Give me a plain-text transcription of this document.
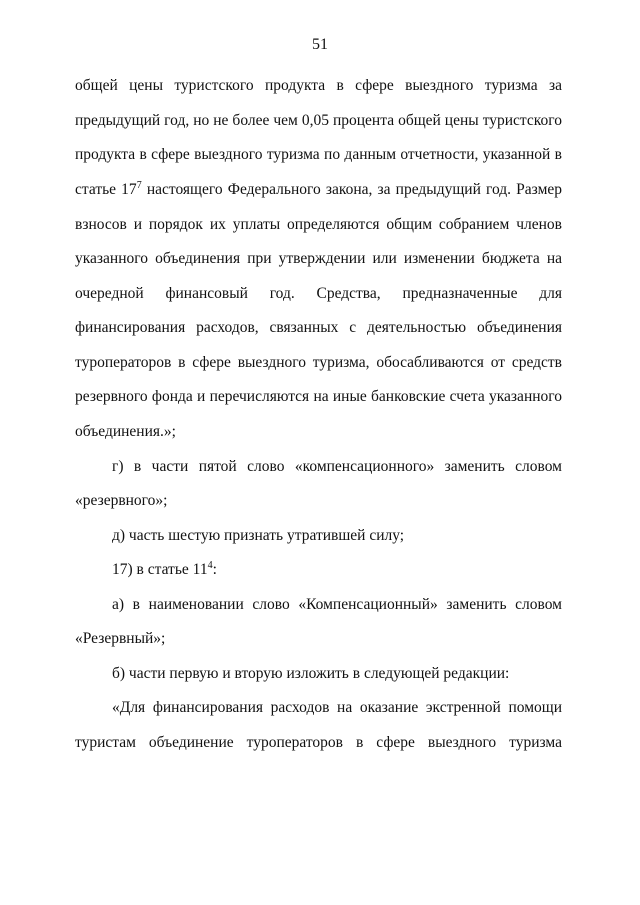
51
общей цены туристского продукта в сфере выездного туризма за
предыдущий год, но не более чем 0,05 процента общей цены туристского
продукта в сфере выездного туризма по данным отчетности, указанной в
статье $17^7$ настоящего Федерального закона, за предыдущий год. Размер
взносов и порядок их уплаты определяются общим собранием членов
указанного объединения при утверждении или изменении бюджета на
очередной финансовый год. Средства, предназначенные для
финансирования расходов, связанных с деятельностью объединения
туроператоров в сфере выездного туризма, обосабливаются от средств
резервного фонда и перечисляются на иные банковские счета указанного
объединения.»;
г) в части пятой слово «компенсационного» заменить словом
«резервного»;
д) часть шестую признать утратившей силу;
17) в статье $11^4$:
а) в наименовании слово «Компенсационный» заменить словом
«Резервный»;
б) части первую и вторую изложить в следующей редакции:
«Для финансирования расходов на оказание экстренной помощи
туристам объединение туроператоров в сфере выездного туризма
